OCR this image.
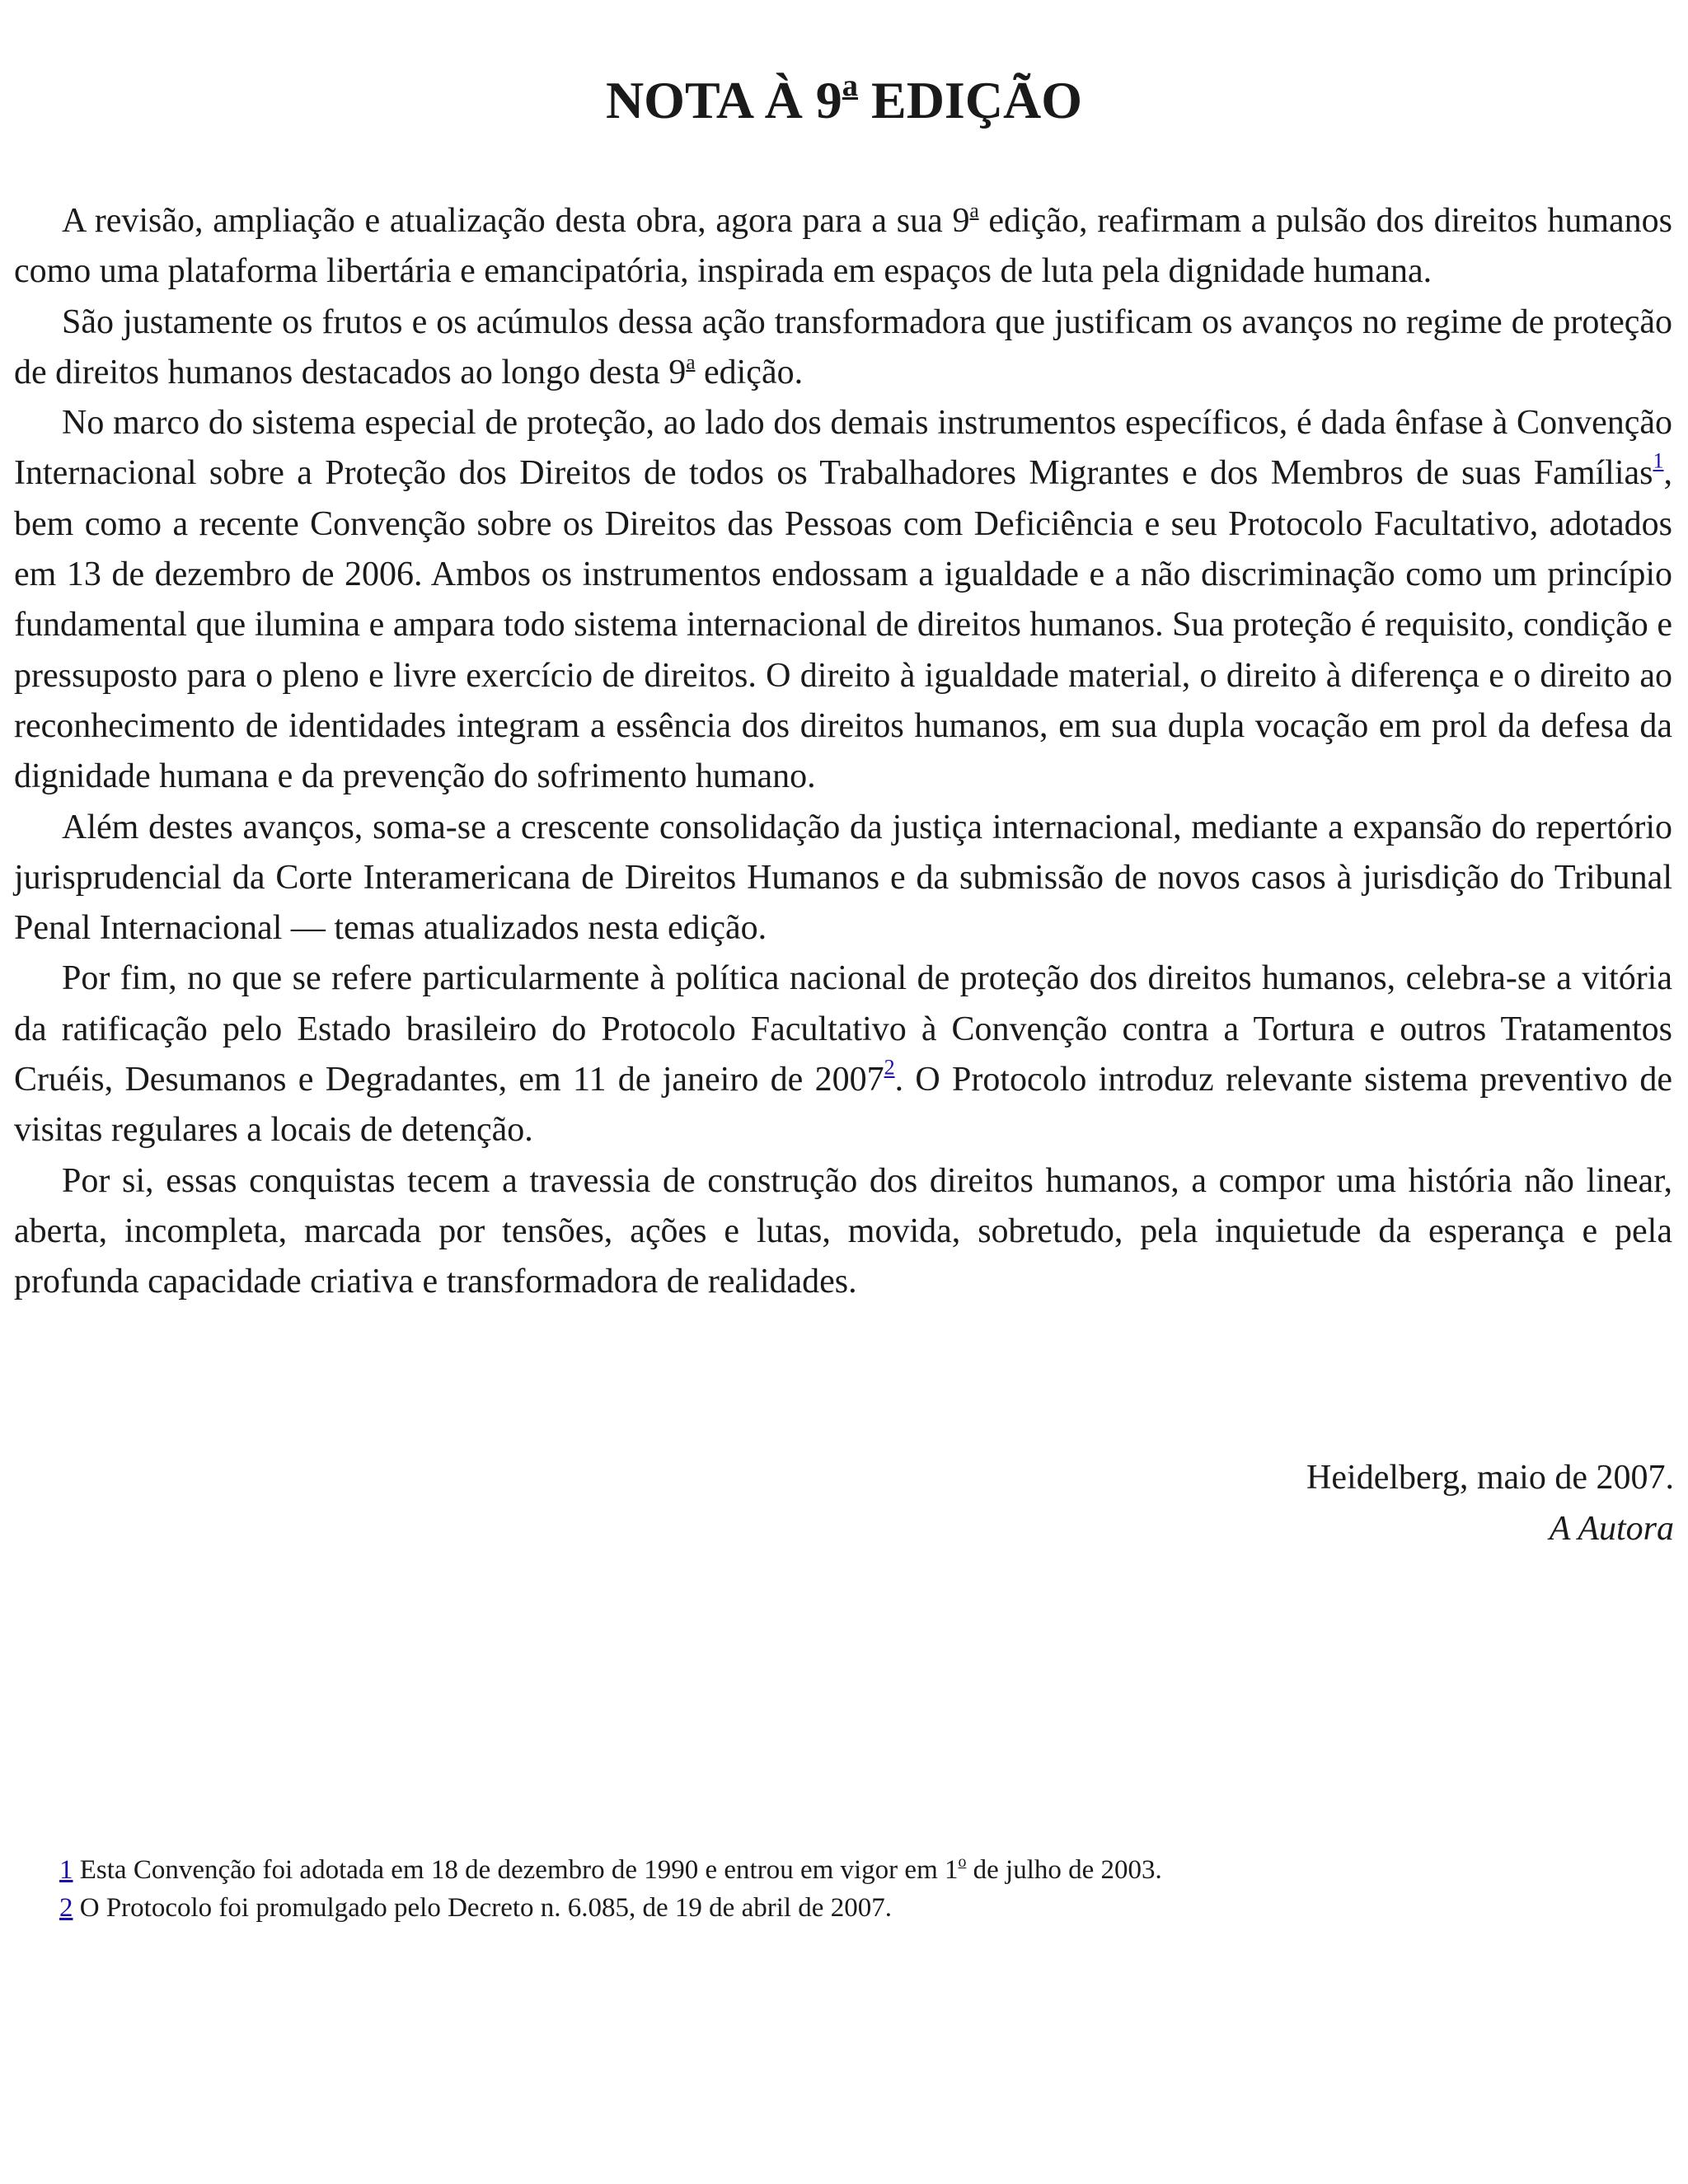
NOTA À 9$^a$ EDIÇÃO

A revisão, ampliação e atualização desta obra, agora para a sua 9$^a$ edição, reafirmam a pulsão dos direitos humanos como uma plataforma libertária e emancipatória, inspirada em espaços de luta pela dignidade humana.

São justamente os frutos e os acúmulos dessa ação transformadora que justificam os avanços no regime de proteção de direitos humanos destacados ao longo desta 9$^a$ edição.

No marco do sistema especial de proteção, ao lado dos demais instrumentos específicos, é dada ênfase à Convenção Internacional sobre a Proteção dos Direitos de todos os Trabalhadores Migrantes e dos Membros de suas Famílias$^1$, bem como a recente Convenção sobre os Direitos das Pessoas com Deficiência e seu Protocolo Facultativo, adotados em 13 de dezembro de 2006. Ambos os instrumentos endossam a igualdade e a não discriminação como um princípio fundamental que ilumina e ampara todo sistema internacional de direitos humanos. Sua proteção é requisito, condição e pressuposto para o pleno e livre exercício de direitos. O direito à igualdade material, o direito à diferença e o direito ao reconhecimento de identidades integram a essência dos direitos humanos, em sua dupla vocação em prol da defesa da dignidade humana e da prevenção do sofrimento humano.

Além destes avanços, soma-se a crescente consolidação da justiça internacional, mediante a expansão do repertório jurisprudencial da Corte Interamericana de Direitos Humanos e da submissão de novos casos à jurisdição do Tribunal Penal Internacional — temas atualizados nesta edição.

Por fim, no que se refere particularmente à política nacional de proteção dos direitos humanos, celebra-se a vitória da ratificação pelo Estado brasileiro do Protocolo Facultativo à Convenção contra a Tortura e outros Tratamentos Cruéis, Desumanos e Degradantes, em 11 de janeiro de 2007$^2$. O Protocolo introduz relevante sistema preventivo de visitas regulares a locais de detenção.

Por si, essas conquistas tecem a travessia de construção dos direitos humanos, a compor uma história não linear, aberta, incompleta, marcada por tensões, ações e lutas, movida, sobretudo, pela inquietude da esperança e pela profunda capacidade criativa e transformadora de realidades.

Heidelberg, maio de 2007.
A Autora
1 Esta Convenção foi adotada em 18 de dezembro de 1990 e entrou em vigor em 1$^o$ de julho de 2003.
2 O Protocolo foi promulgado pelo Decreto n. 6.085, de 19 de abril de 2007.
